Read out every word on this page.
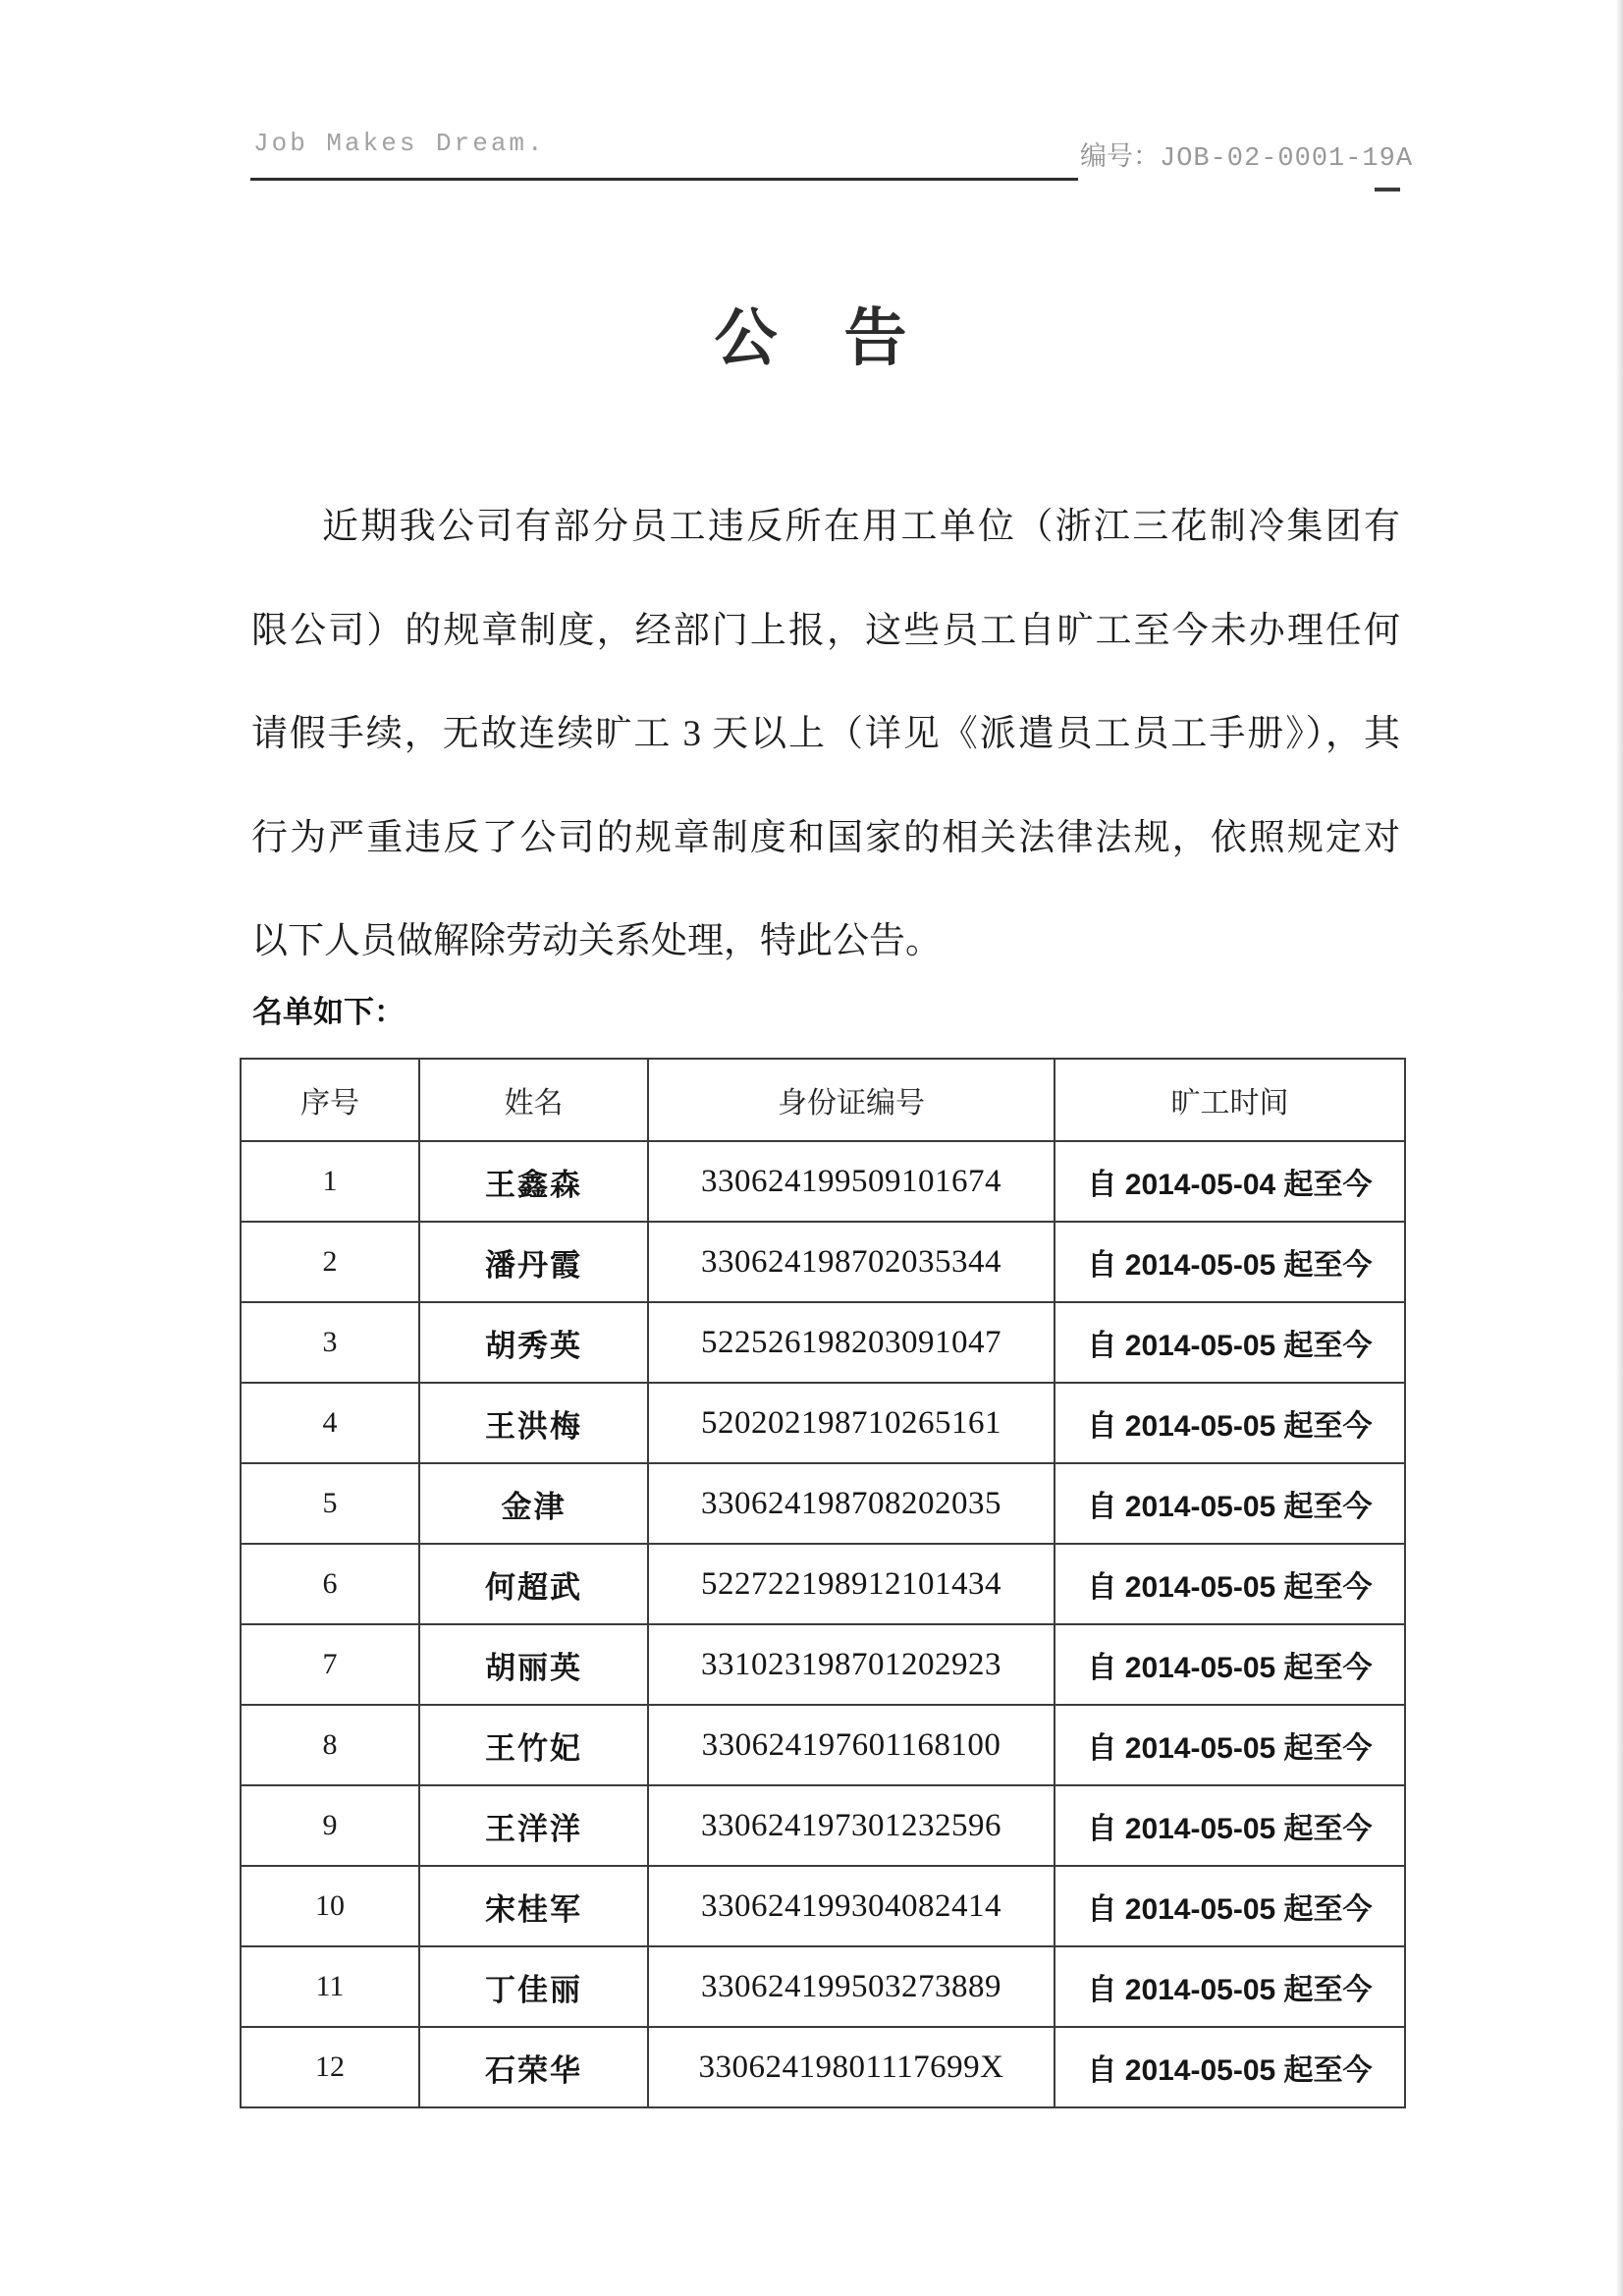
Job Makes Dream.	编号：JOB-02-0001-19A
公　告
近期我公司有部分员工违反所在用工单位（浙江三花制冷集团有
限公司）的规章制度，经部门上报，这些员工自旷工至今未办理任何
请假手续，无故连续旷工 3 天以上（详见《派遣员工员工手册》），其
行为严重违反了公司的规章制度和国家的相关法律法规，依照规定对
以下人员做解除劳动关系处理，特此公告。
名单如下：
序号	姓名	身份证编号	旷工时间
1	王鑫森	330624199509101674	自 2014-05-04 起至今
2	潘丹霞	330624198702035344	自 2014-05-05 起至今
3	胡秀英	522526198203091047	自 2014-05-05 起至今
4	王洪梅	520202198710265161	自 2014-05-05 起至今
5	金津	330624198708202035	自 2014-05-05 起至今
6	何超武	522722198912101434	自 2014-05-05 起至今
7	胡丽英	331023198701202923	自 2014-05-05 起至今
8	王竹妃	330624197601168100	自 2014-05-05 起至今
9	王洋洋	330624197301232596	自 2014-05-05 起至今
10	宋桂军	330624199304082414	自 2014-05-05 起至今
11	丁佳丽	330624199503273889	自 2014-05-05 起至今
12	石荣华	33062419801117699X	自 2014-05-05 起至今
